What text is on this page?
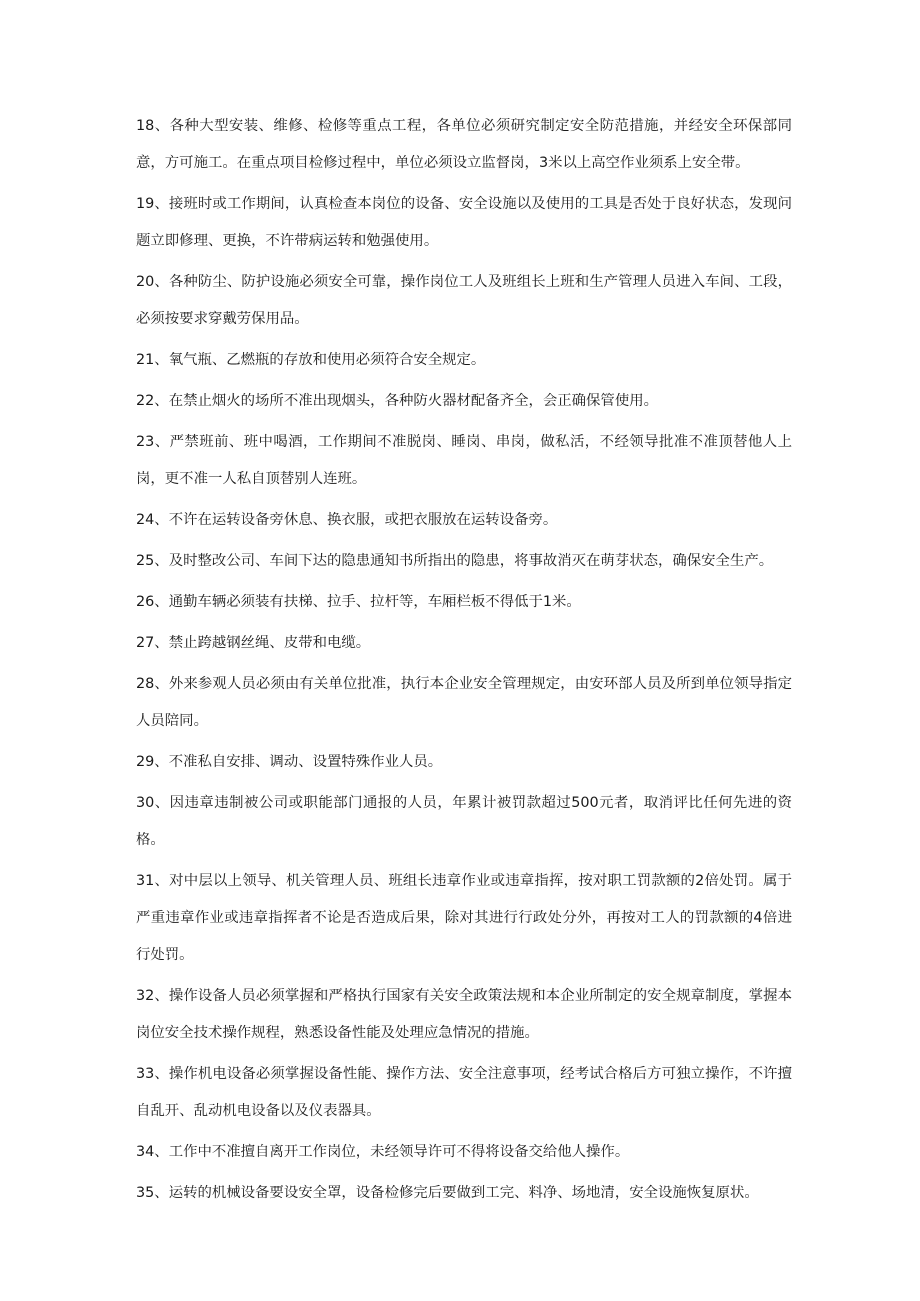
18、各种大型安装、维修、检修等重点工程，各单位必须研究制定安全防范措施，并经安全环保部同意，方可施工。在重点项目检修过程中，单位必须设立监督岗，3米以上高空作业须系上安全带。

19、接班时或工作期间，认真检查本岗位的设备、安全设施以及使用的工具是否处于良好状态，发现问题立即修理、更换，不许带病运转和勉强使用。

20、各种防尘、防护设施必须安全可靠，操作岗位工人及班组长上班和生产管理人员进入车间、工段，必须按要求穿戴劳保用品。

21、氧气瓶、乙燃瓶的存放和使用必须符合安全规定。

22、在禁止烟火的场所不准出现烟头，各种防火器材配备齐全，会正确保管使用。

23、严禁班前、班中喝酒，工作期间不准脱岗、睡岗、串岗，做私活，不经领导批准不准顶替他人上岗，更不准一人私自顶替别人连班。

24、不许在运转设备旁休息、换衣服，或把衣服放在运转设备旁。

25、及时整改公司、车间下达的隐患通知书所指出的隐患，将事故消灭在萌芽状态，确保安全生产。

26、通勤车辆必须装有扶梯、拉手、拉杆等，车厢栏板不得低于1米。

27、禁止跨越钢丝绳、皮带和电缆。

28、外来参观人员必须由有关单位批准，执行本企业安全管理规定，由安环部人员及所到单位领导指定人员陪同。

29、不准私自安排、调动、设置特殊作业人员。

30、因违章违制被公司或职能部门通报的人员，年累计被罚款超过500元者，取消评比任何先进的资格。

31、对中层以上领导、机关管理人员、班组长违章作业或违章指挥，按对职工罚款额的2倍处罚。属于严重违章作业或违章指挥者不论是否造成后果，除对其进行行政处分外，再按对工人的罚款额的4倍进行处罚。

32、操作设备人员必须掌握和严格执行国家有关安全政策法规和本企业所制定的安全规章制度，掌握本岗位安全技术操作规程，熟悉设备性能及处理应急情况的措施。

33、操作机电设备必须掌握设备性能、操作方法、安全注意事项，经考试合格后方可独立操作，不许擅自乱开、乱动机电设备以及仪表器具。

34、工作中不准擅自离开工作岗位，未经领导许可不得将设备交给他人操作。

35、运转的机械设备要设安全罩，设备检修完后要做到工完、料净、场地清，安全设施恢复原状。
